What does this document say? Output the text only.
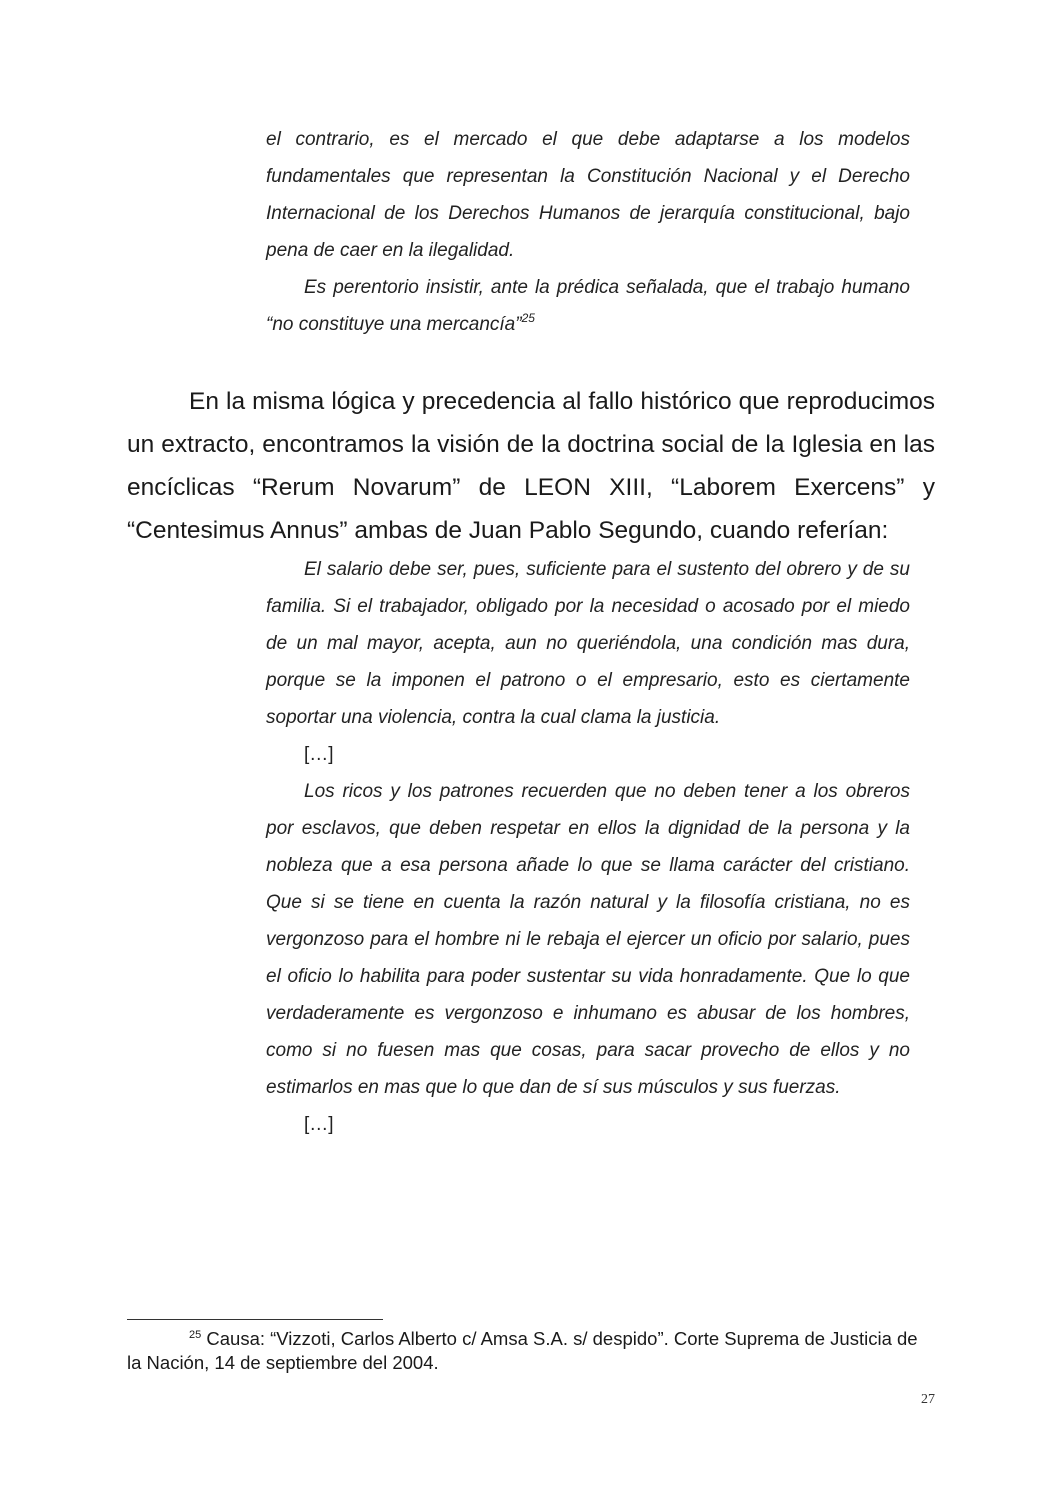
el contrario, es el mercado el que debe adaptarse a los modelos fundamentales que representan la Constitución Nacional y el Derecho Internacional de los Derechos Humanos de jerarquía constitucional, bajo pena de caer en la ilegalidad.

Es perentorio insistir, ante la prédica señalada, que el trabajo humano “no constituye una mercancía”$^{25}$

En la misma lógica y precedencia al fallo histórico que reproducimos un extracto, encontramos la visión de la doctrina social de la Iglesia en las encíclicas “Rerum Novarum” de LEON XIII, “Laborem Exercens” y “Centesimus Annus” ambas de Juan Pablo Segundo, cuando referían:

El salario debe ser, pues, suficiente para el sustento del obrero y de su familia. Si el trabajador, obligado por la necesidad o acosado por el miedo de un mal mayor, acepta, aun no queriéndola, una condición mas dura, porque se la imponen el patrono o el empresario, esto es ciertamente soportar una violencia, contra la cual clama la justicia.

[…]

Los ricos y los patrones recuerden que no deben tener a los obreros por esclavos, que deben respetar en ellos la dignidad de la persona y la nobleza que a esa persona añade lo que se llama carácter del cristiano. Que si se tiene en cuenta la razón natural y la filosofía cristiana, no es vergonzoso para el hombre ni le rebaja el ejercer un oficio por salario, pues el oficio lo habilita para poder sustentar su vida honradamente. Que lo que verdaderamente es vergonzoso e inhumano es abusar de los hombres, como si no fuesen mas que cosas, para sacar provecho de ellos y no estimarlos en mas que lo que dan de sí sus músculos y sus fuerzas.

[…]

$^{25}$ Causa: “Vizzoti, Carlos Alberto c/ Amsa S.A. s/ despido”. Corte Suprema de Justicia de la Nación, 14 de septiembre del 2004.

27
